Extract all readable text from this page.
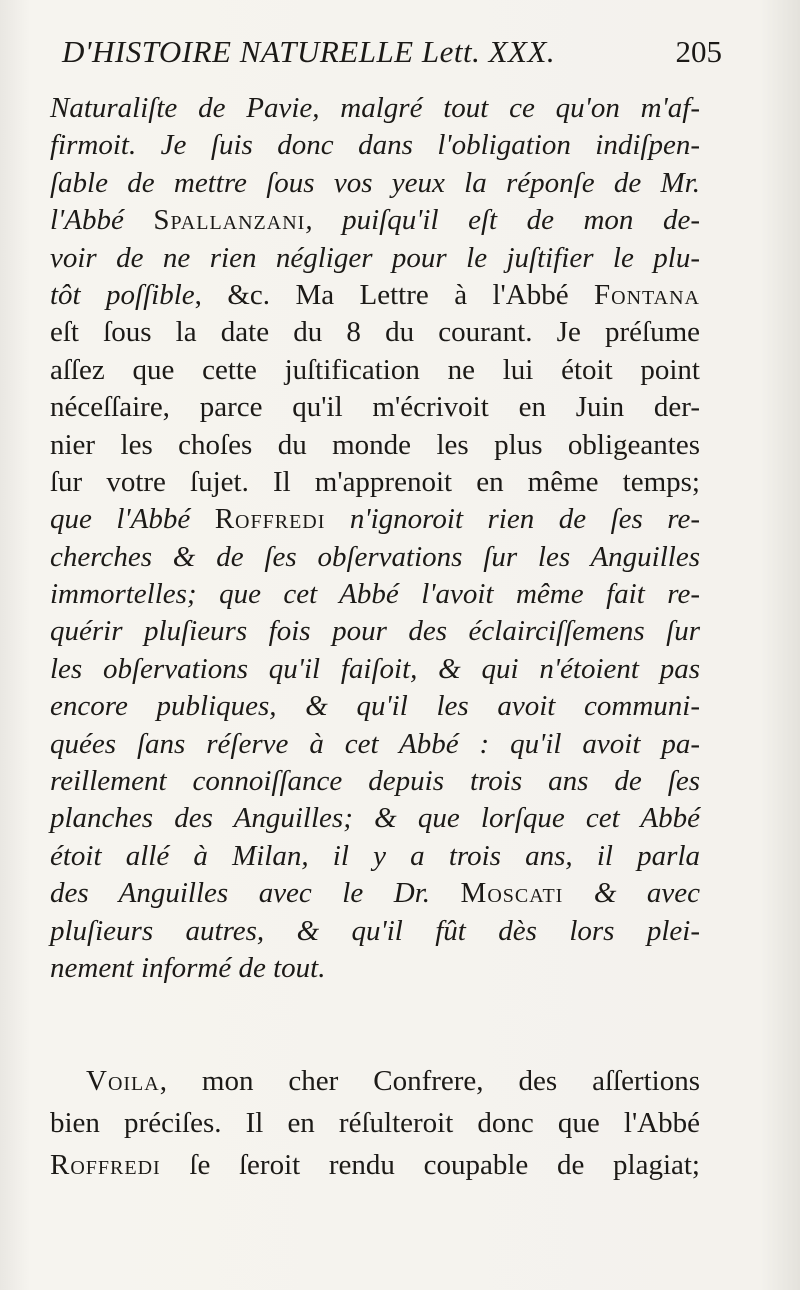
D'HISTOIRE NATURELLE Lett. XXX.	205
Naturaliſte de Pavie, malgré tout ce qu'on m'af-
firmoit. Je ſuis donc dans l'obligation indiſpen-
ſable de mettre ſous vos yeux la réponſe de Mr.
l'Abbé Spallanzani, puiſqu'il eſt de mon de-
voir de ne rien négliger pour le juſtifier le plu-
tôt poſſible, &c. Ma Lettre à l'Abbé Fontana
eſt ſous la date du 8 du courant. Je préſume
aſſez que cette juſtification ne lui étoit point
néceſſaire, parce qu'il m'écrivoit en Juin der-
nier les choſes du monde les plus obligeantes
ſur votre ſujet. Il m'apprenoit en même temps;
que l'Abbé Roffredi n'ignoroit rien de ſes re-
cherches & de ſes obſervations ſur les Anguilles
immortelles; que cet Abbé l'avoit même fait re-
quérir pluſieurs fois pour des éclairciſſemens ſur
les obſervations qu'il faiſoit, & qui n'étoient pas
encore publiques, & qu'il les avoit communi-
quées ſans réſerve à cet Abbé : qu'il avoit pa-
reillement connoiſſance depuis trois ans de ſes
planches des Anguilles; & que lorſque cet Abbé
étoit allé à Milan, il y a trois ans, il parla
des Anguilles avec le Dr. Moscati & avec
pluſieurs autres, & qu'il fût dès lors plei-
nement informé de tout.
Voila, mon cher Confrere, des aſſertions
bien préciſes. Il en réſulteroit donc que l'Abbé
Roffredi ſe ſeroit rendu coupable de plagiat;
